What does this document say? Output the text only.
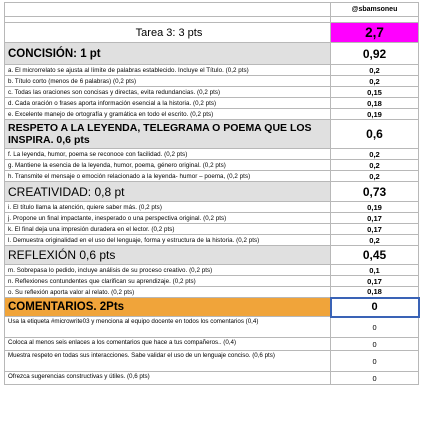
	@sbamsoneu

Tarea 3: 3 pts	2,7
CONCISIÓN: 1 pt	0,92
a. El microrrelato se ajusta al límite de palabras establecido. Incluye el Título. (0,2 pts)	0,2
b. Título corto (menos de 6 palabras) (0,2 pts)	0,2
c. Todas las oraciones son concisas y directas, evita redundancias. (0,2 pts)	0,15
d. Cada oración o frases aporta información esencial a la historia. (0,2 pts)	0,18
e. Excelente manejo de ortografía y gramática en todo el escrito. (0,2 pts)	0,19
RESPETO A LA LEYENDA, TELEGRAMA O POEMA QUE LOS INSPIRA. 0,6 pts	0,6
f. La leyenda, humor, poema se reconoce con facilidad. (0,2 pts)	0,2
g. Mantiene la esencia de la leyenda, humor, poema, género original. (0,2 pts)	0,2
h. Transmite el mensaje o emoción relacionado a la leyenda- humor – poema, (0,2 pts)	0,2
CREATIVIDAD: 0,8 pt	0,73
i. El título llama la atención, quiere saber más. (0,2 pts)	0,19
j. Propone un final impactante, inesperado o una perspectiva original. (0,2 pts)	0,17
k. El final deja una impresión duradera en el lector. (0,2 pts)	0,17
l. Demuestra originalidad en el uso del lenguaje, forma y estructura de la historia. (0,2 pts)	0,2
REFLEXIÓN 0,6 pts	0,45
m. Sobrepasa lo pedido, incluye análisis de su proceso creativo. (0,2 pts)	0,1
n. Reflexiones contundentes que clarifican su aprendizaje. (0,2 pts)	0,17
o. Su reflexión aporta valor al relato. (0,2 pts)	0,18
COMENTARIOS. 2Pts	0
Usa la etiqueta #microwrite03 y menciona al equipo docente en todos los comentarios (0,4)	0
Coloca al menos seis enlaces a los comentarios que hace a tus compañeros.. (0,4)	0
Muestra respeto en todas sus interacciones. Sabe validar el uso de un lenguaje conciso. (0,6 pts)	0
Ofrezca sugerencias constructivas y útiles. (0,6 pts)	0
